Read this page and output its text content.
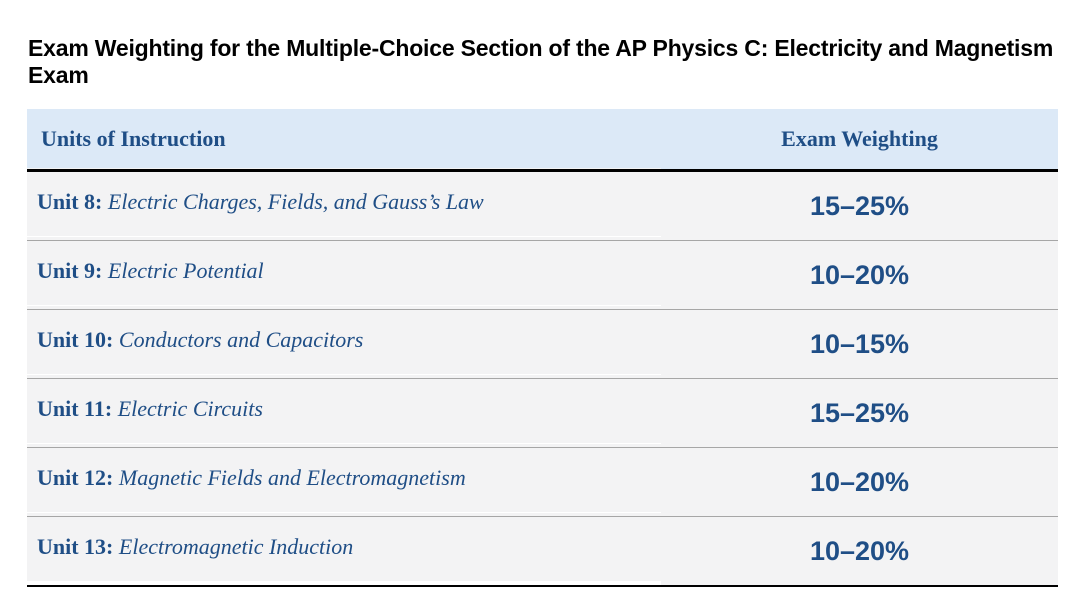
Exam Weighting for the Multiple-Choice Section of the AP Physics C: Electricity and Magnetism Exam
Units of Instruction	Exam Weighting
Unit 8: Electric Charges, Fields, and Gauss’s Law	15–25%
Unit 9: Electric Potential	10–20%
Unit 10: Conductors and Capacitors	10–15%
Unit 11: Electric Circuits	15–25%
Unit 12: Magnetic Fields and Electromagnetism	10–20%
Unit 13: Electromagnetic Induction	10–20%
